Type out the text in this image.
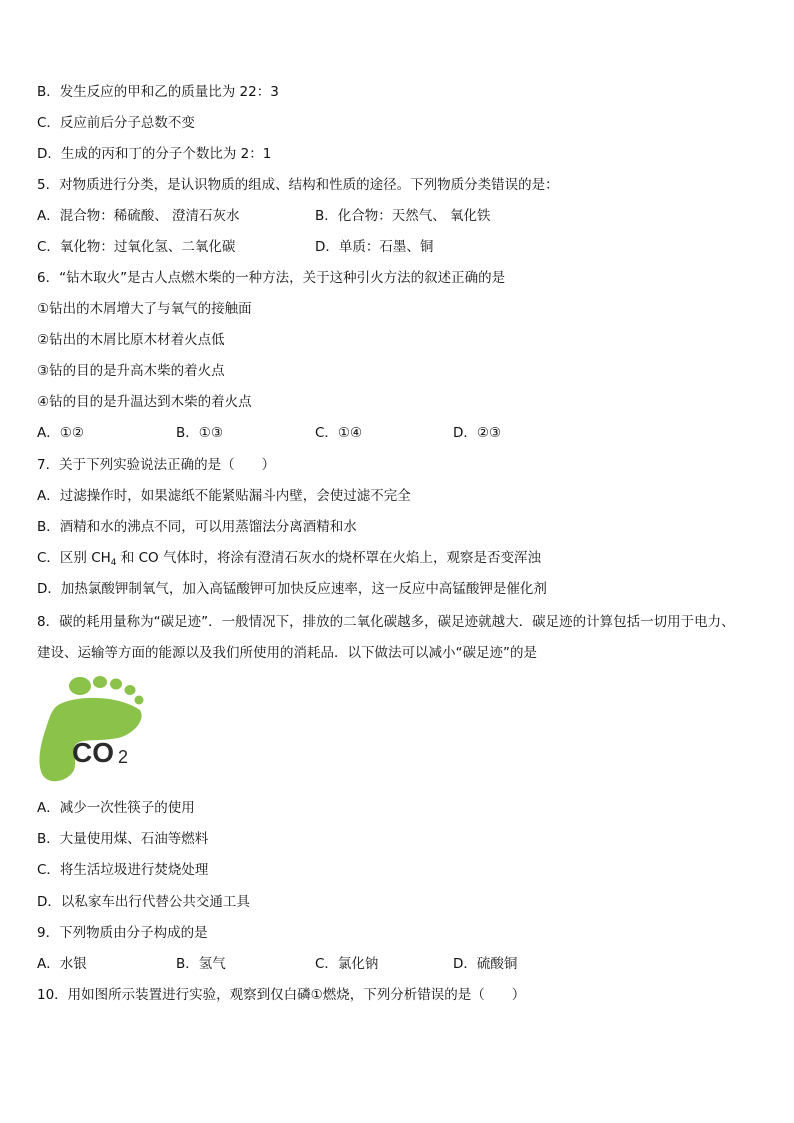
B．发生反应的甲和乙的质量比为 22：3
C．反应前后分子总数不变
D．生成的丙和丁的分子个数比为 2：1
5．对物质进行分类，是认识物质的组成、结构和性质的途径。下列物质分类错误的是：
A．混合物：稀硫酸、 澄清石灰水	B．化合物：天然气、 氧化铁
C．氧化物：过氧化氢、二氧化碳	D．单质：石墨、铜
6．“钻木取火”是古人点燃木柴的一种方法，关于这种引火方法的叙述正确的是
①钻出的木屑增大了与氧气的接触面
②钻出的木屑比原木材着火点低
③钻的目的是升高木柴的着火点
④钻的目的是升温达到木柴的着火点
A．①②	B．①③	C．①④	D．②③
7．关于下列实验说法正确的是（　　）
A．过滤操作时，如果滤纸不能紧贴漏斗内壁，会使过滤不完全
B．酒精和水的沸点不同，可以用蒸馏法分离酒精和水
C．区别 $CH_4$ 和 CO 气体时，将涂有澄清石灰水的烧杯罩在火焰上，观察是否变浑浊
D．加热氯酸钾制氧气，加入高锰酸钾可加快反应速率，这一反应中高锰酸钾是催化剂
8．碳的耗用量称为“碳足迹”．一般情况下，排放的二氧化碳越多，碳足迹就越大．碳足迹的计算包括一切用于电力、
建设、运输等方面的能源以及我们所使用的消耗品．以下做法可以减小“碳足迹”的是
CO 2
A．减少一次性筷子的使用
B．大量使用煤、石油等燃料
C．将生活垃圾进行焚烧处理
D．以私家车出行代替公共交通工具
9．下列物质由分子构成的是
A．水银	B．氢气	C．氯化钠	D．硫酸铜
10．用如图所示装置进行实验，观察到仅白磷①燃烧，下列分析错误的是（　　）
